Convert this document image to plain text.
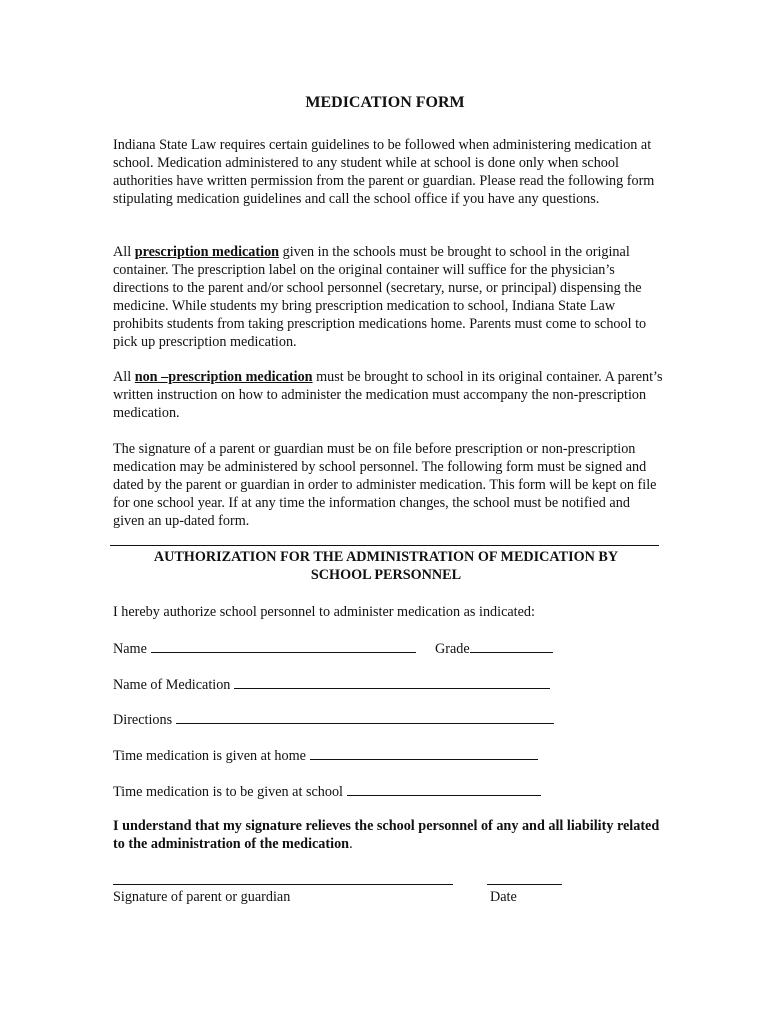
MEDICATION FORM

Indiana State Law requires certain guidelines to be followed when administering medication at school. Medication administered to any student while at school is done only when school authorities have written permission from the parent or guardian. Please read the following form stipulating medication guidelines and call the school office if you have any questions.

All prescription medication given in the schools must be brought to school in the original container. The prescription label on the original container will suffice for the physician’s directions to the parent and/or school personnel (secretary, nurse, or principal) dispensing the medicine. While students my bring prescription medication to school, Indiana State Law prohibits students from taking prescription medications home. Parents must come to school to pick up prescription medication.

All non –prescription medication must be brought to school in its original container. A parent’s written instruction on how to administer the medication must accompany the non-prescription medication.

The signature of a parent or guardian must be on file before prescription or non-prescription medication may be administered by school personnel. The following form must be signed and dated by the parent or guardian in order to administer medication. This form will be kept on file for one school year. If at any time the information changes, the school must be notified and given an up-dated form.

AUTHORIZATION FOR THE ADMINISTRATION OF MEDICATION BY
SCHOOL PERSONNEL
I hereby authorize school personnel to administer medication as indicated:
Name	Grade
Name of Medication
Directions
Time medication is given at home
Time medication is to be given at school

I understand that my signature relieves the school personnel of any and all liability related to the administration of the medication.

Signature of parent or guardian	Date
